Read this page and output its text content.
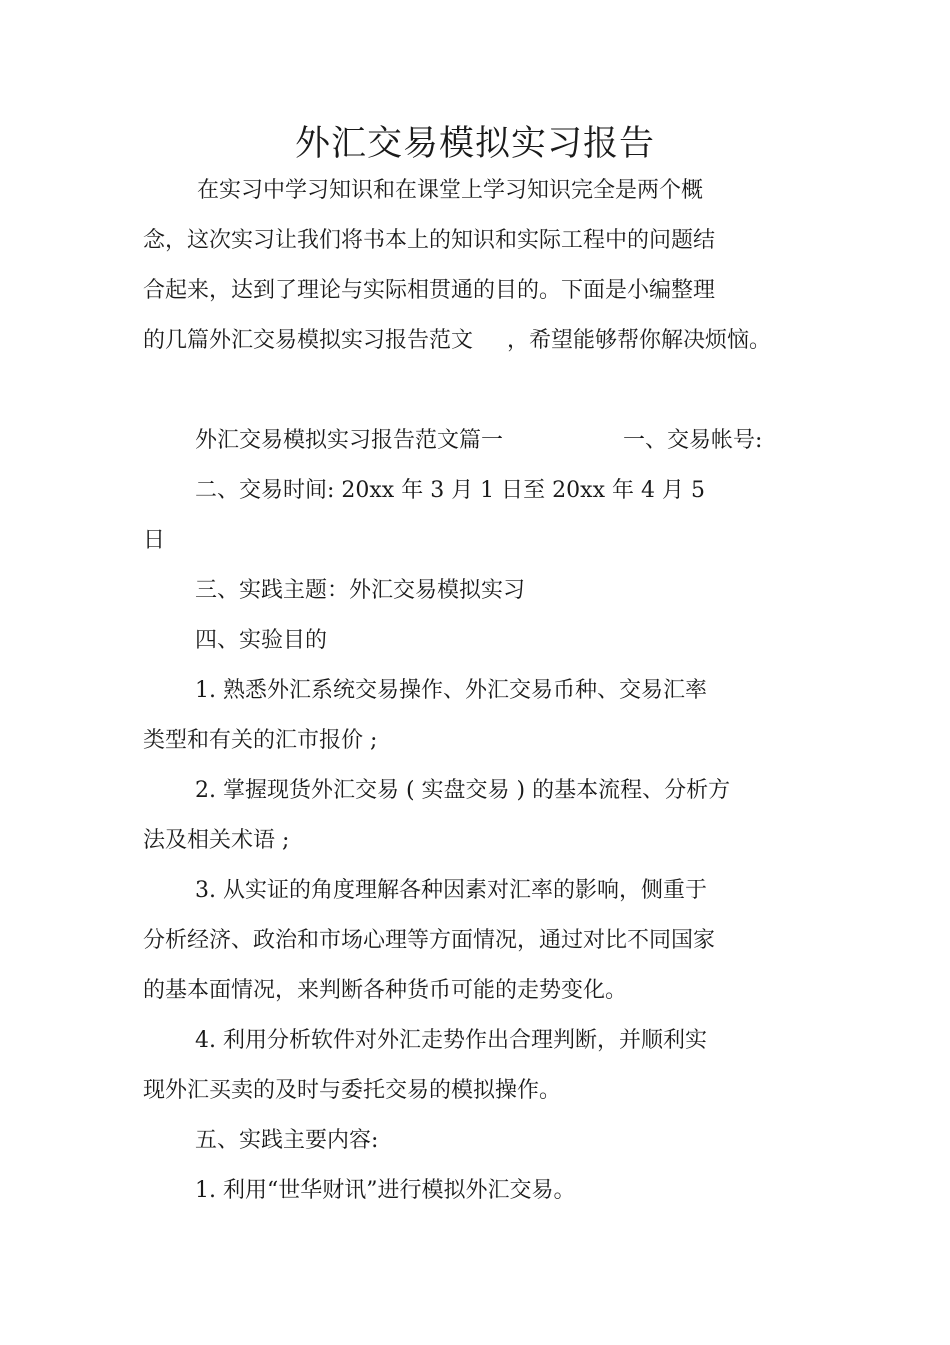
外汇交易模拟实习报告
在实习中学习知识和在课堂上学习知识完全是两个概
念，这次实习让我们将书本上的知识和实际工程中的问题结
合起来，达到了理论与实际相贯通的目的。下面是小编整理
的几篇外汇交易模拟实习报告范文 ，希望能够帮你解决烦恼。
外汇交易模拟实习报告范文篇一	一、交易帐号:
二、交易时间: 20xx 年 3 月 1 日至 20xx 年 4 月 5
日
三、实践主题：外汇交易模拟实习
四、实验目的
1. 熟悉外汇系统交易操作、外汇交易币种、交易汇率
类型和有关的汇市报价 ;
2. 掌握现货外汇交易 ( 实盘交易 ) 的基本流程、分析方
法及相关术语 ;
3. 从实证的角度理解各种因素对汇率的影响，侧重于
分析经济、政治和市场心理等方面情况，通过对比不同国家
的基本面情况，来判断各种货币可能的走势变化。
4. 利用分析软件对外汇走势作出合理判断，并顺利实
现外汇买卖的及时与委托交易的模拟操作。
五、实践主要内容:
1. 利用“世华财讯”进行模拟外汇交易。
